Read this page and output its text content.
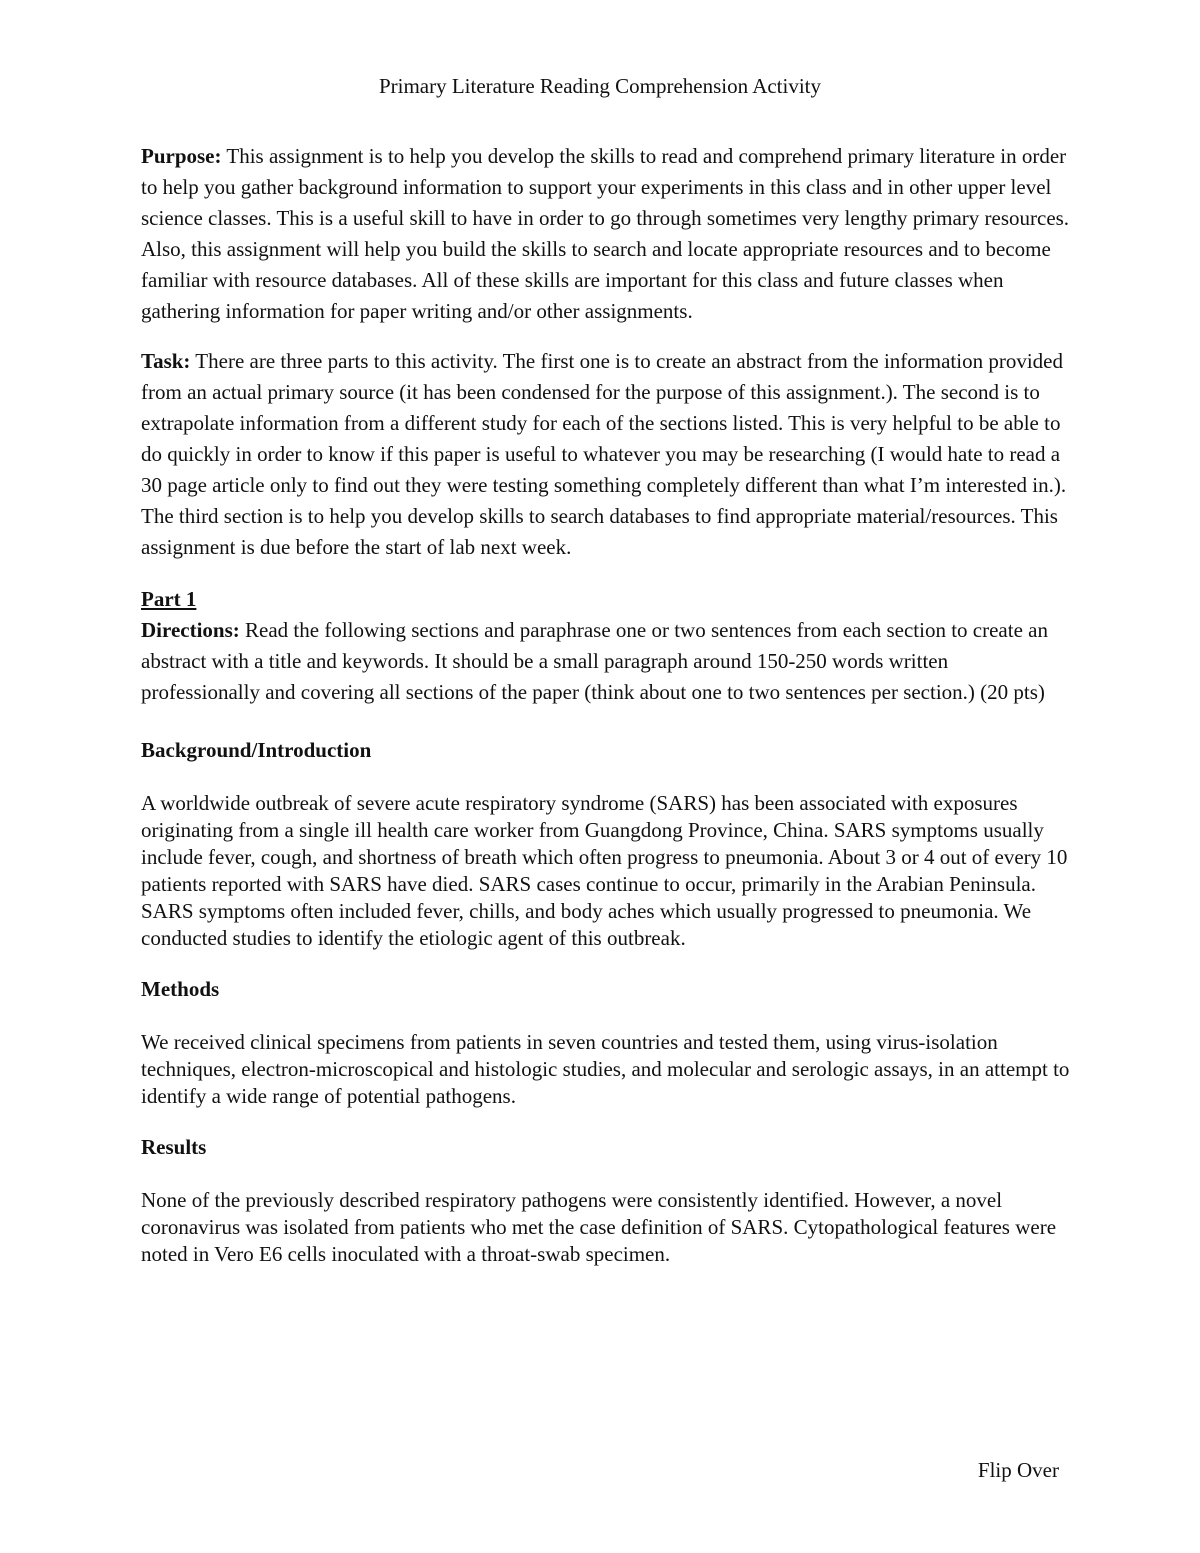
Primary Literature Reading Comprehension Activity

Purpose: This assignment is to help you develop the skills to read and comprehend primary literature in order to help you gather background information to support your experiments in this class and in other upper level science classes. This is a useful skill to have in order to go through sometimes very lengthy primary resources. Also, this assignment will help you build the skills to search and locate appropriate resources and to become familiar with resource databases. All of these skills are important for this class and future classes when gathering information for paper writing and/or other assignments.

Task: There are three parts to this activity. The first one is to create an abstract from the information provided from an actual primary source (it has been condensed for the purpose of this assignment.). The second is to extrapolate information from a different study for each of the sections listed. This is very helpful to be able to do quickly in order to know if this paper is useful to whatever you may be researching (I would hate to read a 30 page article only to find out they were testing something completely different than what I’m interested in.). The third section is to help you develop skills to search databases to find appropriate material/resources. This assignment is due before the start of lab next week.

Part 1

Directions: Read the following sections and paraphrase one or two sentences from each section to create an abstract with a title and keywords. It should be a small paragraph around 150-250 words written professionally and covering all sections of the paper (think about one to two sentences per section.) (20 pts)

Background/Introduction

A worldwide outbreak of severe acute respiratory syndrome (SARS) has been associated with exposures originating from a single ill health care worker from Guangdong Province, China. SARS symptoms usually include fever, cough, and shortness of breath which often progress to pneumonia. About 3 or 4 out of every 10 patients reported with SARS have died. SARS cases continue to occur, primarily in the Arabian Peninsula. SARS symptoms often included fever, chills, and body aches which usually progressed to pneumonia. We conducted studies to identify the etiologic agent of this outbreak.

Methods

We received clinical specimens from patients in seven countries and tested them, using virus-isolation techniques, electron-microscopical and histologic studies, and molecular and serologic assays, in an attempt to identify a wide range of potential pathogens.

Results

None of the previously described respiratory pathogens were consistently identified. However, a novel coronavirus was isolated from patients who met the case definition of SARS. Cytopathological features were noted in Vero E6 cells inoculated with a throat-swab specimen.

Flip Over
